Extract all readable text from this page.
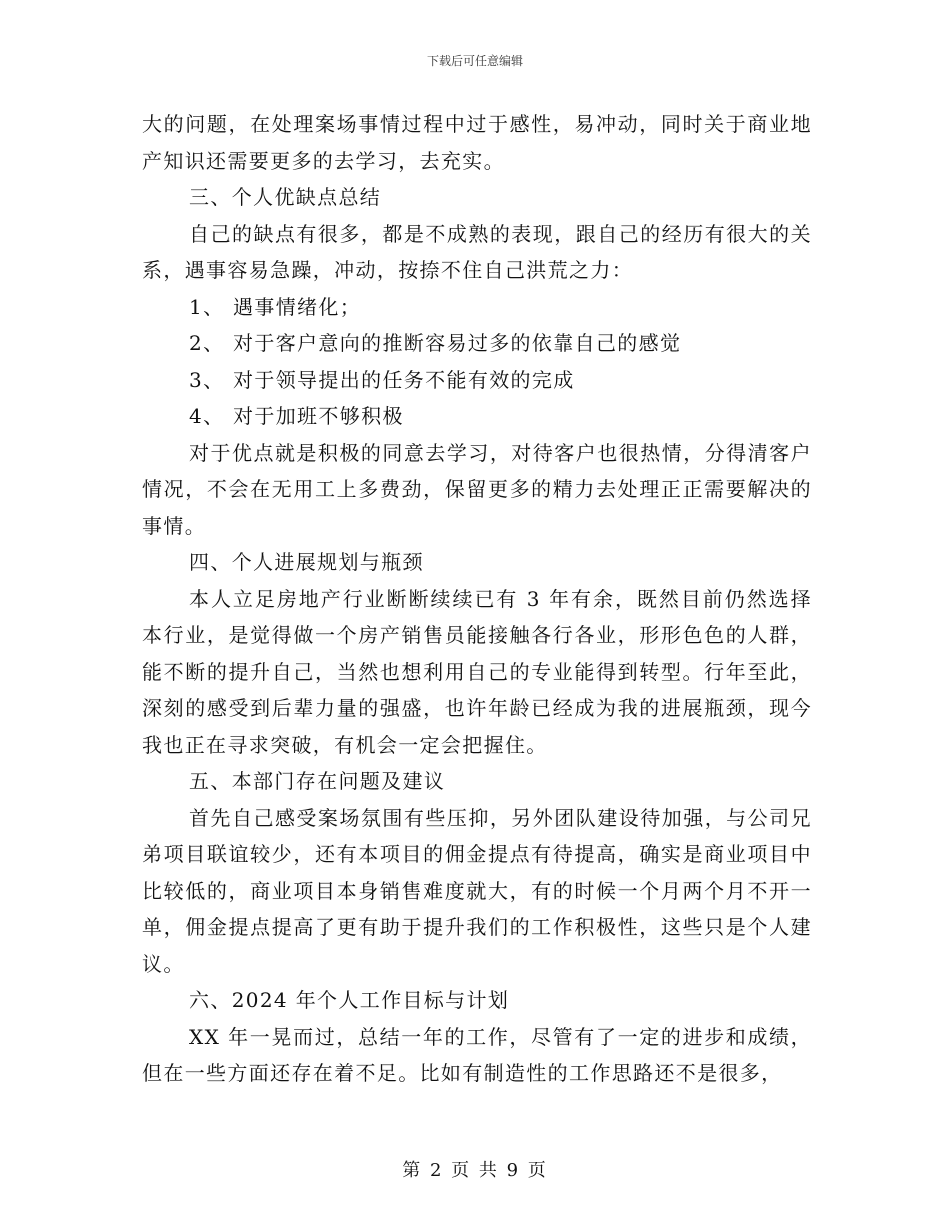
下载后可任意编辑

大的问题，在处理案场事情过程中过于感性，易冲动，同时关于商业地产知识还需要更多的去学习，去充实。

三、个人优缺点总结

自己的缺点有很多，都是不成熟的表现，跟自己的经历有很大的关系，遇事容易急躁，冲动，按捺不住自己洪荒之力：

1、 遇事情绪化；

2、 对于客户意向的推断容易过多的依靠自己的感觉

3、 对于领导提出的任务不能有效的完成

4、 对于加班不够积极

对于优点就是积极的同意去学习，对待客户也很热情，分得清客户情况，不会在无用工上多费劲，保留更多的精力去处理正正需要解决的事情。

四、个人进展规划与瓶颈

本人立足房地产行业断断续续已有 3 年有余，既然目前仍然选择本行业，是觉得做一个房产销售员能接触各行各业，形形色色的人群，能不断的提升自己，当然也想利用自己的专业能得到转型。行年至此，深刻的感受到后辈力量的强盛，也许年龄已经成为我的进展瓶颈，现今我也正在寻求突破，有机会一定会把握住。

五、本部门存在问题及建议

首先自己感受案场氛围有些压抑，另外团队建设待加强，与公司兄弟项目联谊较少，还有本项目的佣金提点有待提高，确实是商业项目中比较低的，商业项目本身销售难度就大，有的时候一个月两个月不开一单，佣金提点提高了更有助于提升我们的工作积极性，这些只是个人建议。

六、2024 年个人工作目标与计划

XX 年一晃而过，总结一年的工作，尽管有了一定的进步和成绩，但在一些方面还存在着不足。比如有制造性的工作思路还不是很多，

第 2 页 共 9 页
